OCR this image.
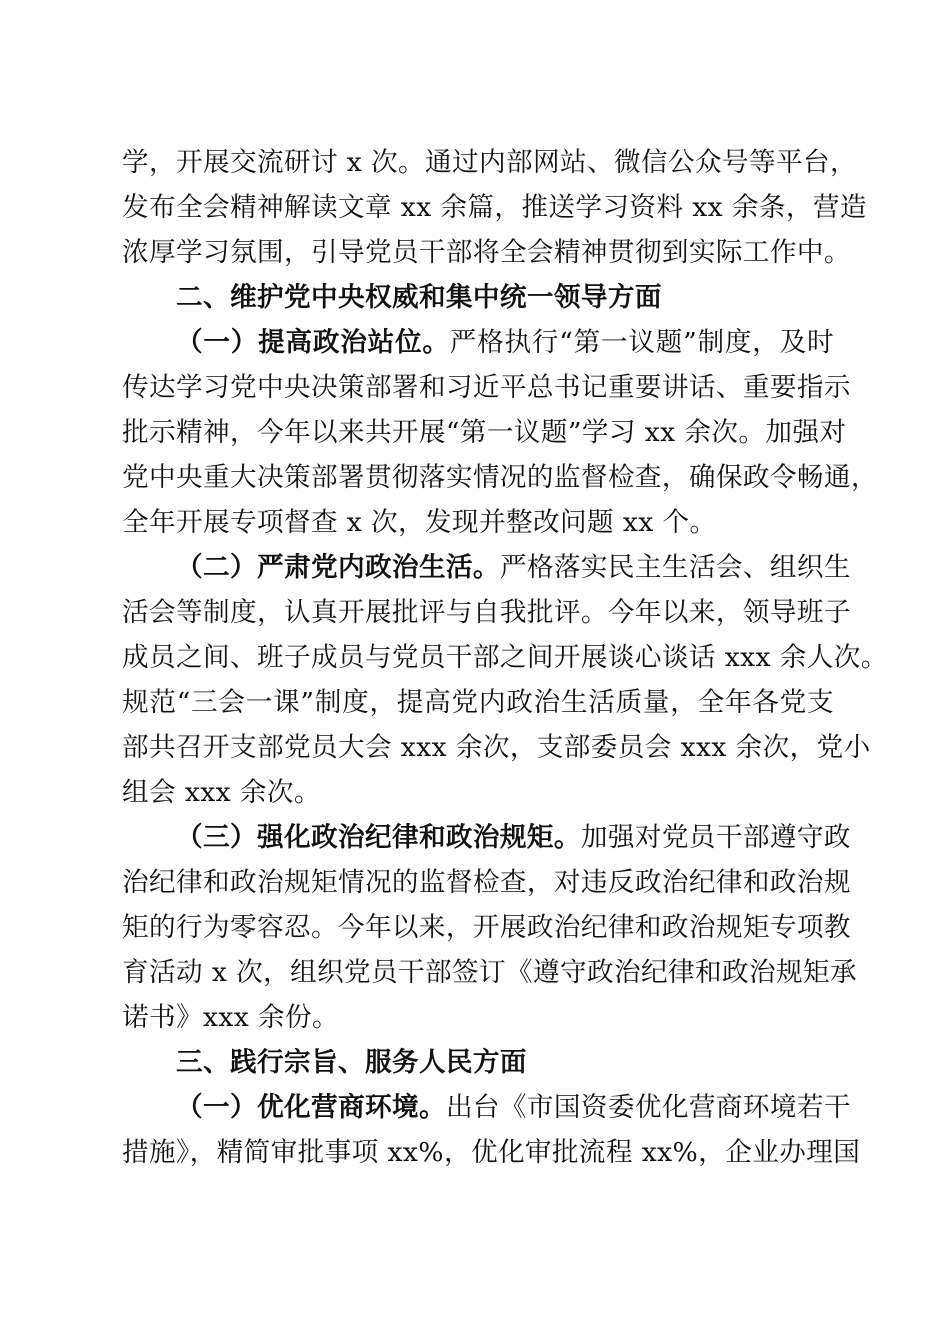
学，开展交流研讨 x 次。通过内部网站、微信公众号等平台，
发布全会精神解读文章 xx 余篇，推送学习资料 xx 余条，营造
浓厚学习氛围，引导党员干部将全会精神贯彻到实际工作中。
二、维护党中央权威和集中统一领导方面
（一）提高政治站位。严格执行“第一议题”制度，及时
传达学习党中央决策部署和习近平总书记重要讲话、重要指示
批示精神，今年以来共开展“第一议题”学习 xx 余次。加强对
党中央重大决策部署贯彻落实情况的监督检查，确保政令畅通，
全年开展专项督查 x 次，发现并整改问题 xx 个。
（二）严肃党内政治生活。严格落实民主生活会、组织生
活会等制度，认真开展批评与自我批评。今年以来，领导班子
成员之间、班子成员与党员干部之间开展谈心谈话 xxx 余人次。
规范“三会一课”制度，提高党内政治生活质量，全年各党支
部共召开支部党员大会 xxx 余次，支部委员会 xxx 余次，党小
组会 xxx 余次。
（三）强化政治纪律和政治规矩。加强对党员干部遵守政
治纪律和政治规矩情况的监督检查，对违反政治纪律和政治规
矩的行为零容忍。今年以来，开展政治纪律和政治规矩专项教
育活动 x 次，组织党员干部签订《遵守政治纪律和政治规矩承
诺书》xxx 余份。
三、践行宗旨、服务人民方面
（一）优化营商环境。出台《市国资委优化营商环境若干
措施》，精简审批事项 xx%，优化审批流程 xx%，企业办理国
